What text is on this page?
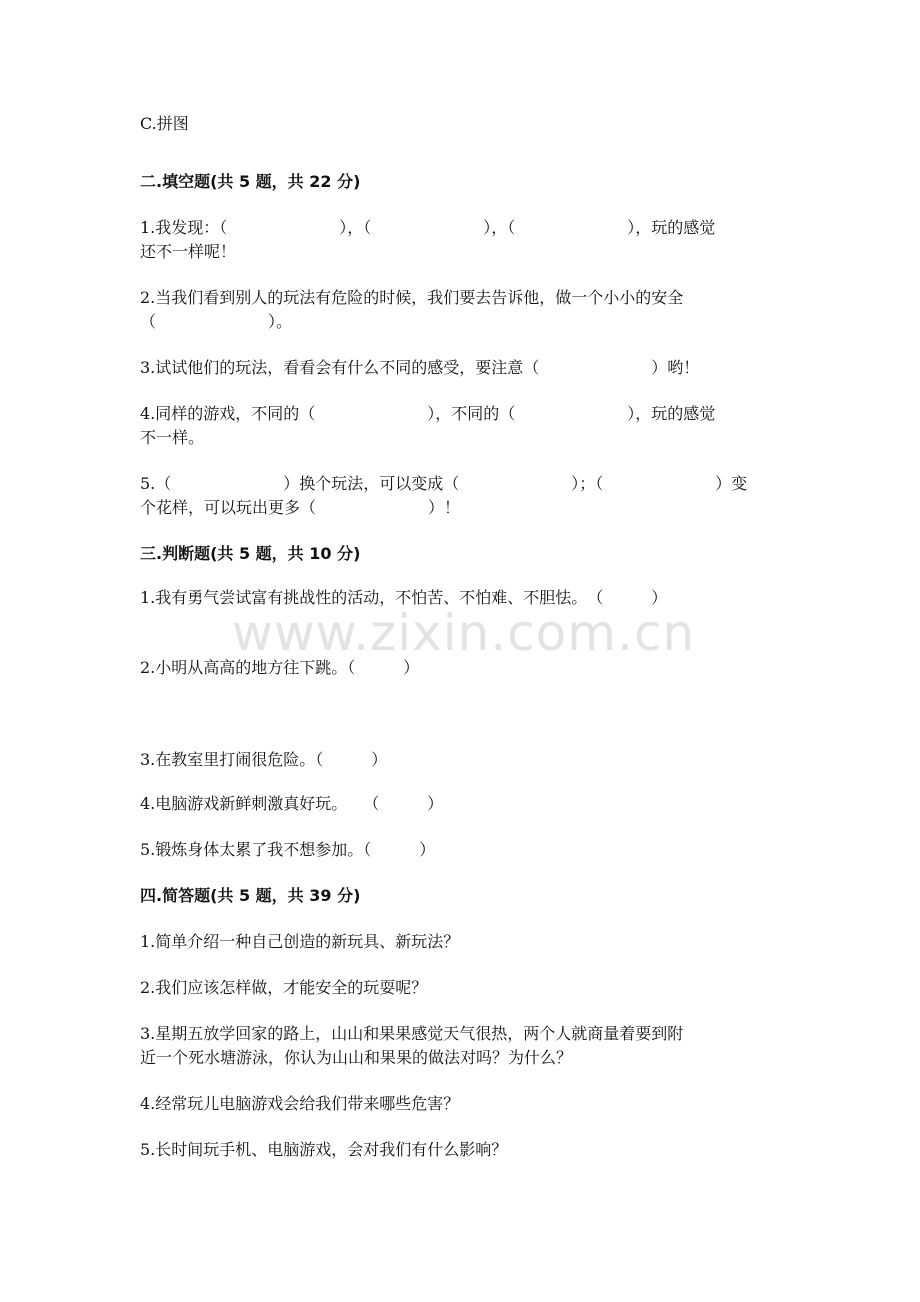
www.zixin.com.cn
C.拼图
二.填空题(共 5 题，共 22 分)
1.我发现：（　　　　　　　），（　　　　　　　），（　　　　　　　），玩的感觉
还不一样呢！
2.当我们看到别人的玩法有危险的时候，我们要去告诉他，做一个小小的安全
（　　　　　　　）。
3.试试他们的玩法，看看会有什么不同的感受，要注意（　　　　　　　）哟！
4.同样的游戏，不同的（　　　　　　　），不同的（　　　　　　　），玩的感觉
不一样。
5.（　　　　　　　）换个玩法，可以变成（　　　　　　　）；（　　　　　　　）变
个花样，可以玩出更多（　　　　　　　）！
三.判断题(共 5 题，共 10 分)
1.我有勇气尝试富有挑战性的活动，不怕苦、不怕难、不胆怯。　（　　　）
2.小明从高高的地方往下跳。（　　　）
3.在教室里打闹很危险。（　　　）
4.电脑游戏新鲜刺激真好玩。　　（　　　）
5.锻炼身体太累了我不想参加。（　　　）
四.简答题(共 5 题，共 39 分)
1.简单介绍一种自己创造的新玩具、新玩法？
2.我们应该怎样做，才能安全的玩耍呢？
3.星期五放学回家的路上，山山和果果感觉天气很热，两个人就商量着要到附
近一个死水塘游泳，你认为山山和果果的做法对吗？为什么？
4.经常玩儿电脑游戏会给我们带来哪些危害？
5.长时间玩手机、电脑游戏，会对我们有什么影响？
